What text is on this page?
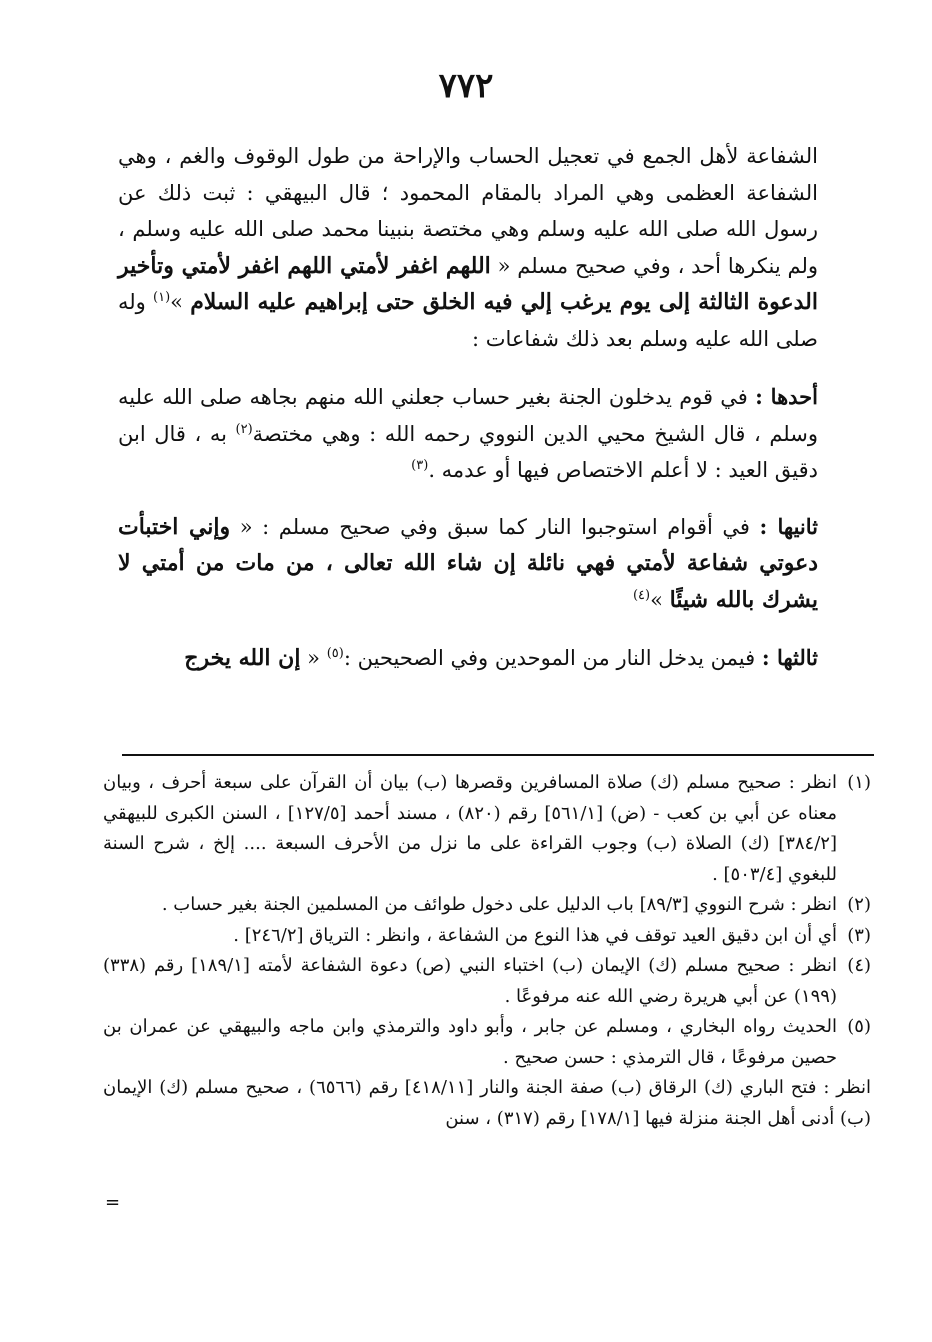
٧٧٢

الشفاعة لأهل الجمع في تعجيل الحساب والإراحة من طول الوقوف والغم ، وهي الشفاعة العظمى وهي المراد بالمقام المحمود ؛ قال البيهقي : ثبت ذلك عن رسول الله صلى الله عليه وسلم وهي مختصة بنبينا محمد صلى الله عليه وسلم ، ولم ينكرها أحد ، وفي صحيح مسلم « اللهم اغفر لأمتي اللهم اغفر لأمتي وتأخير الدعوة الثالثة إلى يوم يرغب إلي فيه الخلق حتى إبراهيم عليه السلام »$^{(١)}$ وله صلى الله عليه وسلم بعد ذلك شفاعات :

أحدها : في قوم يدخلون الجنة بغير حساب جعلني الله منهم بجاهه صلى الله عليه وسلم ، قال الشيخ محيي الدين النووي رحمه الله : وهي مختصة$^{(٢)}$ به ، قال ابن دقيق العيد : لا أعلم الاختصاص فيها أو عدمه .$^{(٣)}$

ثانيها : في أقوام استوجبوا النار كما سبق وفي صحيح مسلم : « وإني اختبأت دعوتي شفاعة لأمتي فهي نائلة إن شاء الله تعالى ، من مات من أمتي لا يشرك بالله شيئًا »$^{(٤)}$

ثالثها : فيمن يدخل النار من الموحدين وفي الصحيحين :$^{(٥)}$ « إن الله يخرج

(١)انظر : صحيح مسلم (ك) صلاة المسافرين وقصرها (ب) بيان أن القرآن على سبعة أحرف ، وبيان معناه عن أبي بن كعب - (ض) [٥٦١/١] رقم (٨٢٠) ، مسند أحمد [١٢٧/٥] ، السنن الكبرى للبيهقي [٣٨٤/٢] (ك) الصلاة (ب) وجوب القراءة على ما نزل من الأحرف السبعة .... إلخ ، شرح السنة للبغوي [٥٠٣/٤] .

(٢)انظر : شرح النووي [٨٩/٣] باب الدليل على دخول طوائف من المسلمين الجنة بغير حساب .

(٣)أي أن ابن دقيق العيد توقف في هذا النوع من الشفاعة ، وانظر : الترياق [٢٤٦/٢] .

(٤)انظر : صحيح مسلم (ك) الإيمان (ب) اختباء النبي (ص) دعوة الشفاعة لأمته [١٨٩/١] رقم (٣٣٨) (١٩٩) عن أبي هريرة رضي الله عنه مرفوعًا .

(٥)الحديث رواه البخاري ، ومسلم عن جابر ، وأبو داود والترمذي وابن ماجه والبيهقي عن عمران بن حصين مرفوعًا ، قال الترمذي : حسن صحيح .

انظر : فتح الباري (ك) الرقاق (ب) صفة الجنة والنار [٤١٨/١١] رقم (٦٥٦٦) ، صحيح مسلم (ك) الإيمان (ب) أدنى أهل الجنة منزلة فيها [١٧٨/١] رقم (٣١٧) ، سنن

=
